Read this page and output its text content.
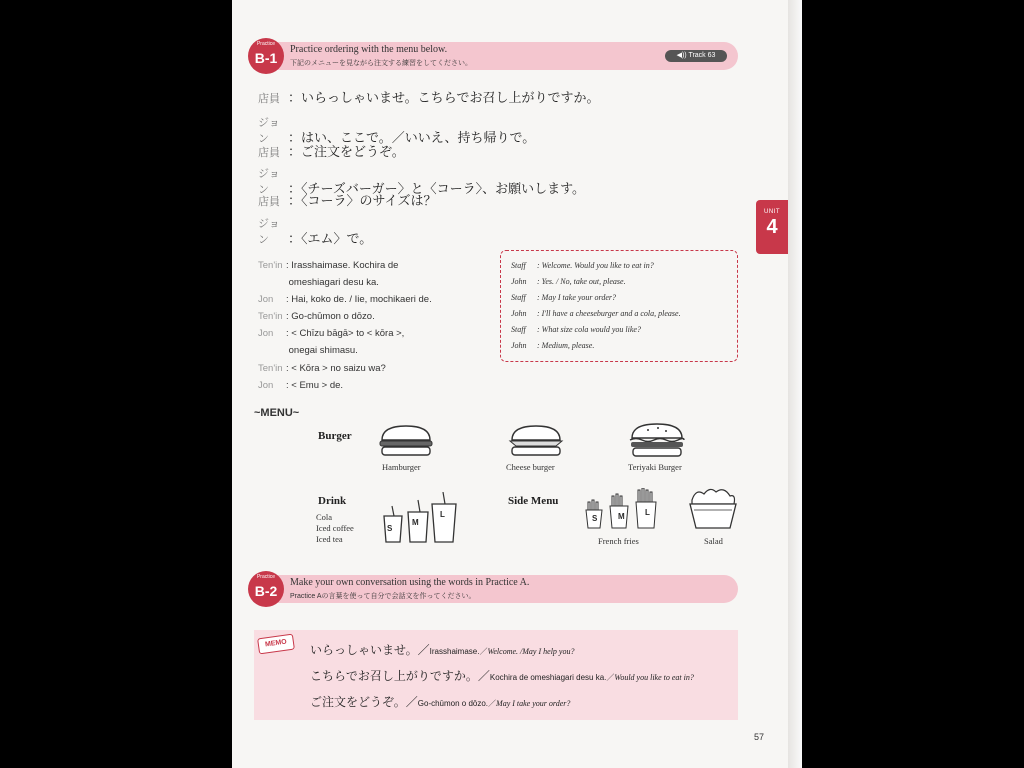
UNIT
4
Practice
B-1
Practice ordering with the menu below.
下記のメニューを見ながら注文する練習をしてください。
◀)) Track 63
店員 ：いらっしゃいませ。こちらでお召し上がりですか。
ジョン ：はい、ここで。／いいえ、持ち帰りで。
店員 ：ご注文をどうぞ。
ジョン ：〈チーズバーガー〉と〈コーラ〉、お願いします。
店員 ：〈コーラ〉のサイズは？
ジョン ：〈エム〉で。
Ten'in : Irasshaimase. Kochira de
omeshiagari desu ka.
Jon : Hai, koko de. / Iie, mochikaeri de.
Ten'in : Go-chūmon o dōzo.
Jon : < Chīzu bāgā> to < kōra >,
onegai shimasu.
Ten'in : < Kōra > no saizu wa?
Jon : < Emu > de.
Staff : Welcome. Would you like to eat in?
John : Yes. / No, take out, please.
Staff : May I take your order?
John : I'll have a cheeseburger and a cola, please.
Staff : What size cola would you like?
John : Medium, please.
~MENU~
Burger
Hamburger	Cheese burger	Teriyaki Burger
Drink
Cola
Iced coffee
Iced tea
S
M
L
Side Menu
S	M	L
French fries	Salad
Practice
B-2
Make your own conversation using the words in Practice A.
Practice Aの言葉を使って自分で会話文を作ってください。
MEMO	いらっしゃいませ。／Irasshaimase.／Welcome. /May I help you?
こちらでお召し上がりですか。／Kochira de omeshiagari desu ka.／Would you like to eat in?
ご注文をどうぞ。／Go-chūmon o dōzo.／May I take your order?
57
